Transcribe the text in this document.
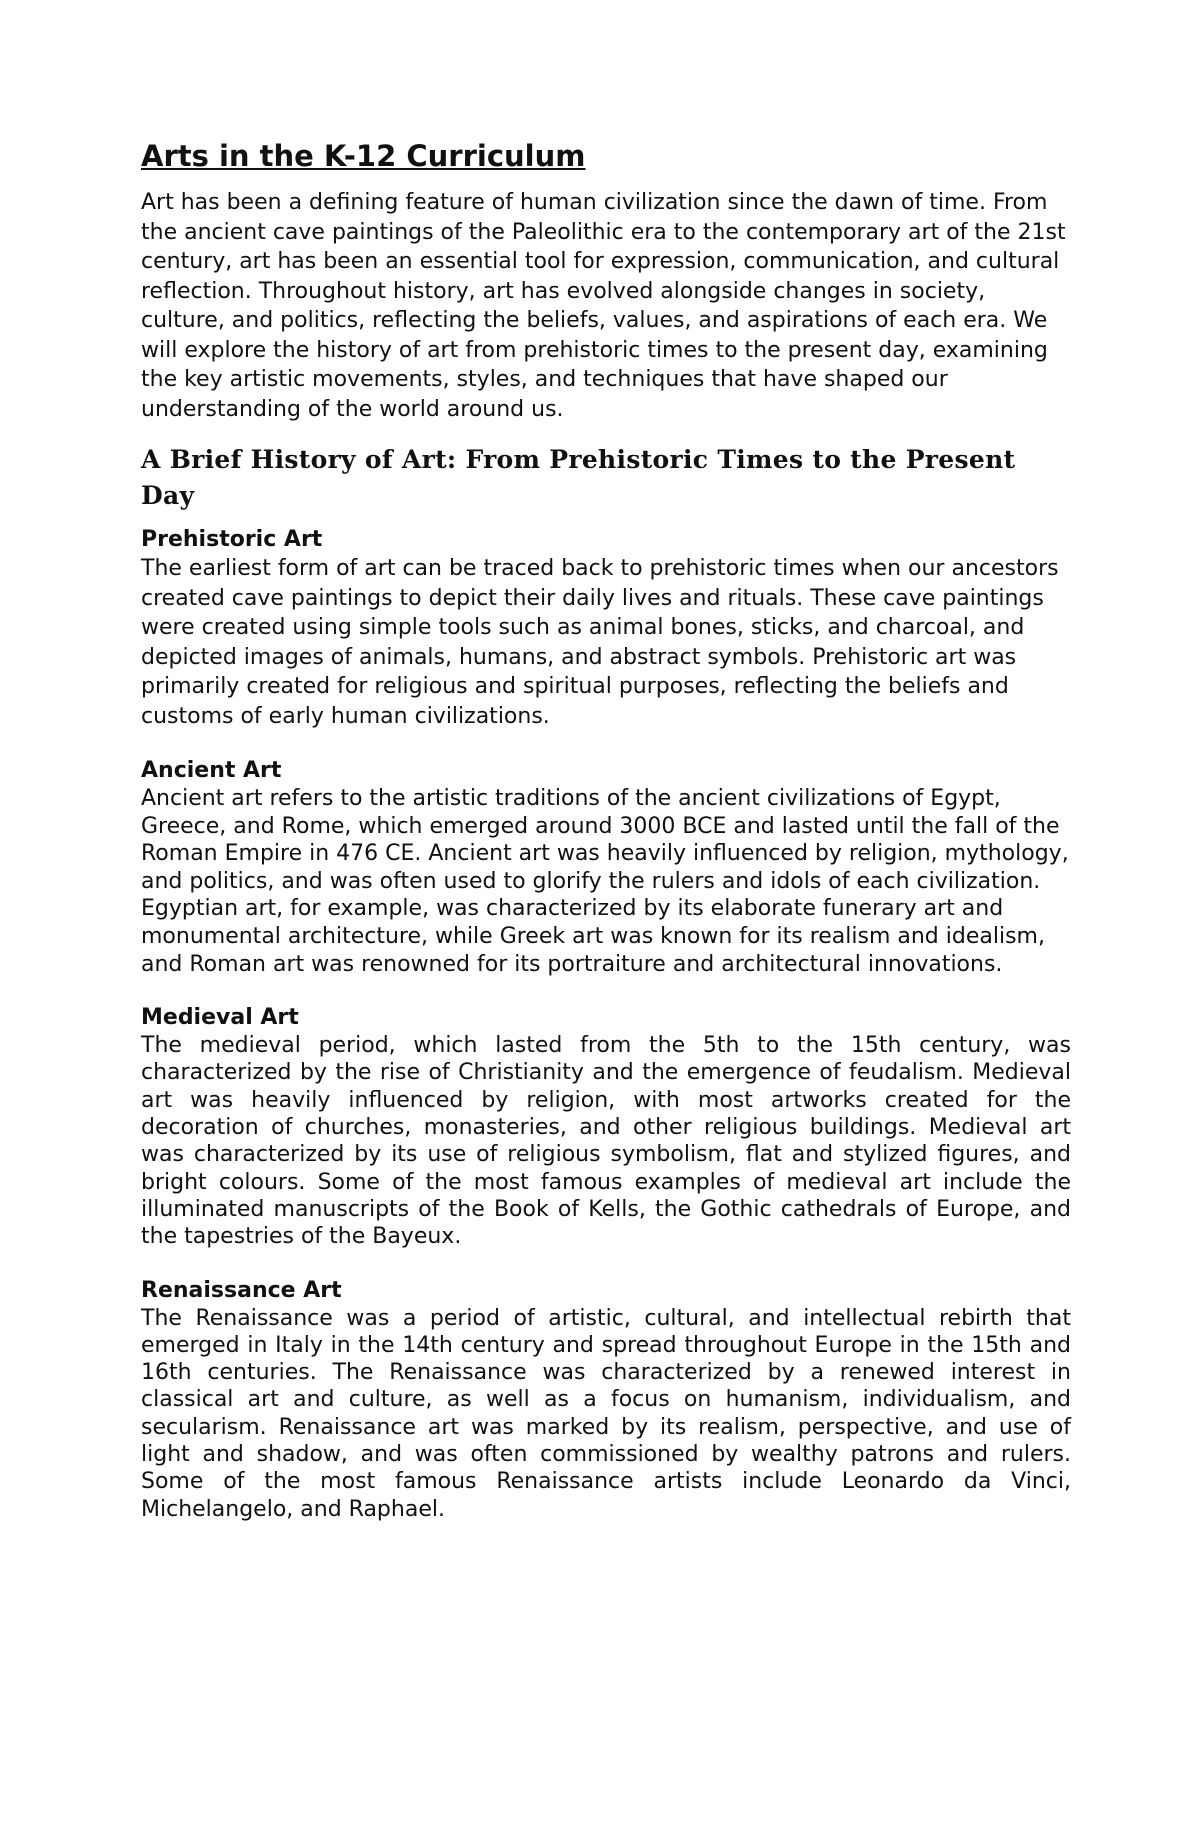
Arts in the K-12 Curriculum

Art has been a defining feature of human civilization since the dawn of time. From the ancient cave paintings of the Paleolithic era to the contemporary art of the 21st century, art has been an essential tool for expression, communication, and cultural reflection. Throughout history, art has evolved alongside changes in society, culture, and politics, reflecting the beliefs, values, and aspirations of each era. We will explore the history of art from prehistoric times to the present day, examining the key artistic movements, styles, and techniques that have shaped our understanding of the world around us.

A Brief History of Art: From Prehistoric Times to the Present Day
Prehistoric Art

The earliest form of art can be traced back to prehistoric times when our ancestors created cave paintings to depict their daily lives and rituals. These cave paintings were created using simple tools such as animal bones, sticks, and charcoal, and depicted images of animals, humans, and abstract symbols. Prehistoric art was primarily created for religious and spiritual purposes, reflecting the beliefs and customs of early human civilizations.

Ancient Art

Ancient art refers to the artistic traditions of the ancient civilizations of Egypt, Greece, and Rome, which emerged around 3000 BCE and lasted until the fall of the Roman Empire in 476 CE. Ancient art was heavily influenced by religion, mythology, and politics, and was often used to glorify the rulers and idols of each civilization. Egyptian art, for example, was characterized by its elaborate funerary art and monumental architecture, while Greek art was known for its realism and idealism, and Roman art was renowned for its portraiture and architectural innovations.

Medieval Art

The medieval period, which lasted from the 5th to the 15th century, was characterized by the rise of Christianity and the emergence of feudalism. Medieval art was heavily influenced by religion, with most artworks created for the decoration of churches, monasteries, and other religious buildings. Medieval art was characterized by its use of religious symbolism, flat and stylized figures, and bright colours. Some of the most famous examples of medieval art include the illuminated manuscripts of the Book of Kells, the Gothic cathedrals of Europe, and the tapestries of the Bayeux.

Renaissance Art

The Renaissance was a period of artistic, cultural, and intellectual rebirth that emerged in Italy in the 14th century and spread throughout Europe in the 15th and 16th centuries. The Renaissance was characterized by a renewed interest in classical art and culture, as well as a focus on humanism, individualism, and secularism. Renaissance art was marked by its realism, perspective, and use of light and shadow, and was often commissioned by wealthy patrons and rulers. Some of the most famous Renaissance artists include Leonardo da Vinci, Michelangelo, and Raphael.
